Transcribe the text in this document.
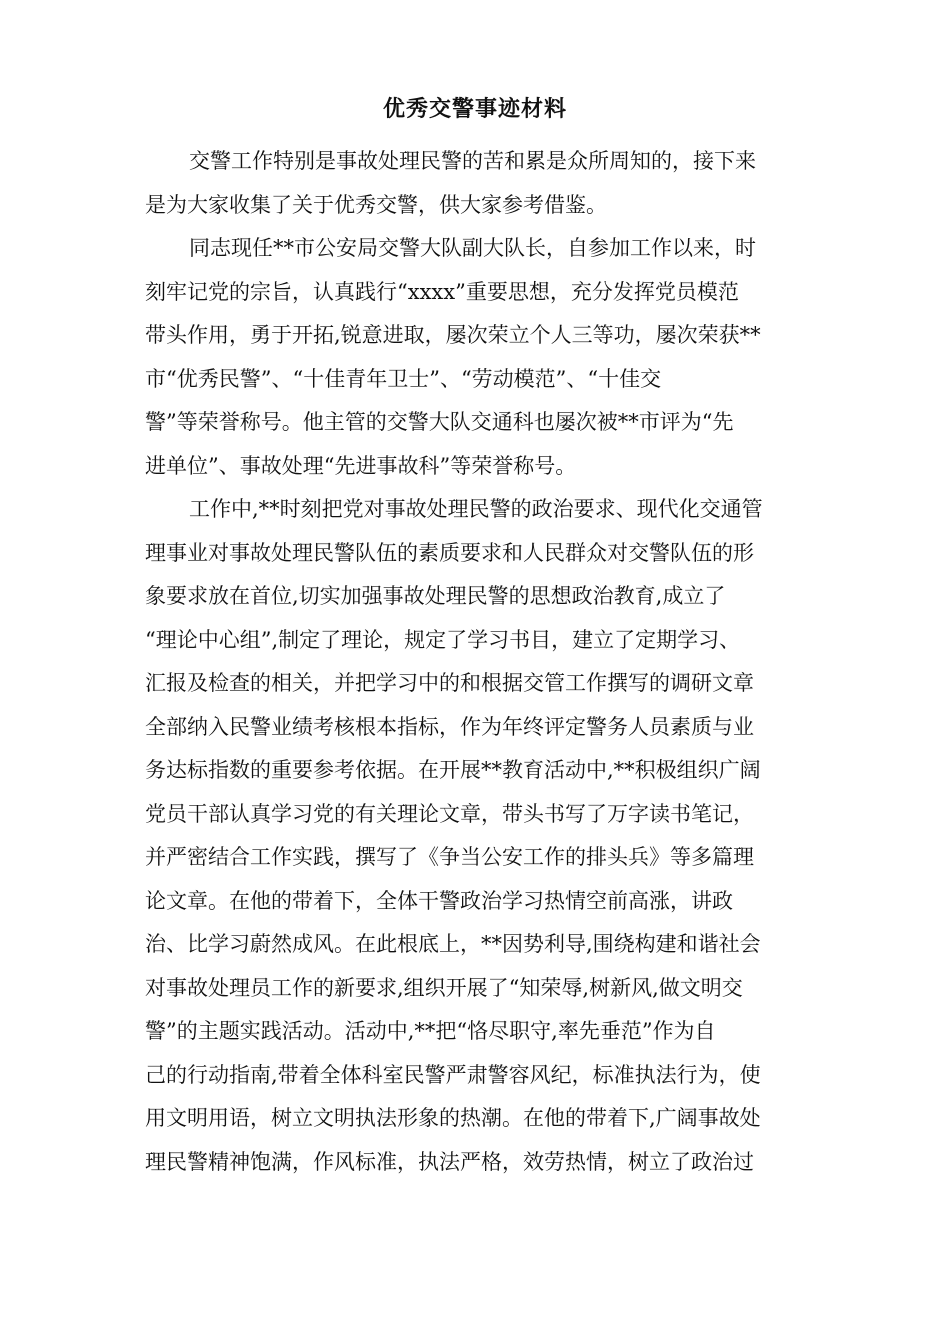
优秀交警事迹材料

交警工作特别是事故处理民警的苦和累是众所周知的，接下来
是为大家收集了关于优秀交警，供大家参考借鉴。

同志现任**市公安局交警大队副大队长，自参加工作以来，时
刻牢记党的宗旨，认真践行“xxxx”重要思想，充分发挥党员模范
带头作用，勇于开拓,锐意进取，屡次荣立个人三等功，屡次荣获**
市“优秀民警”、“十佳青年卫士”、“劳动模范”、“十佳交
警”等荣誉称号。他主管的交警大队交通科也屡次被**市评为“先
进单位”、事故处理“先进事故科”等荣誉称号。

工作中,**时刻把党对事故处理民警的政治要求、现代化交通管
理事业对事故处理民警队伍的素质要求和人民群众对交警队伍的形
象要求放在首位,切实加强事故处理民警的思想政治教育,成立了
“理论中心组”,制定了理论，规定了学习书目，建立了定期学习、
汇报及检查的相关，并把学习中的和根据交管工作撰写的调研文章
全部纳入民警业绩考核根本指标，作为年终评定警务人员素质与业
务达标指数的重要参考依据。在开展**教育活动中,**积极组织广阔
党员干部认真学习党的有关理论文章，带头书写了万字读书笔记，
并严密结合工作实践，撰写了《争当公安工作的排头兵》等多篇理
论文章。在他的带着下，全体干警政治学习热情空前高涨，讲政
治、比学习蔚然成风。在此根底上，**因势利导,围绕构建和谐社会
对事故处理员工作的新要求,组织开展了“知荣辱,树新风,做文明交
警”的主题实践活动。活动中,**把“恪尽职守,率先垂范”作为自
己的行动指南,带着全体科室民警严肃警容风纪，标准执法行为，使
用文明用语，树立文明执法形象的热潮。在他的带着下,广阔事故处
理民警精神饱满，作风标准，执法严格，效劳热情，树立了政治过
